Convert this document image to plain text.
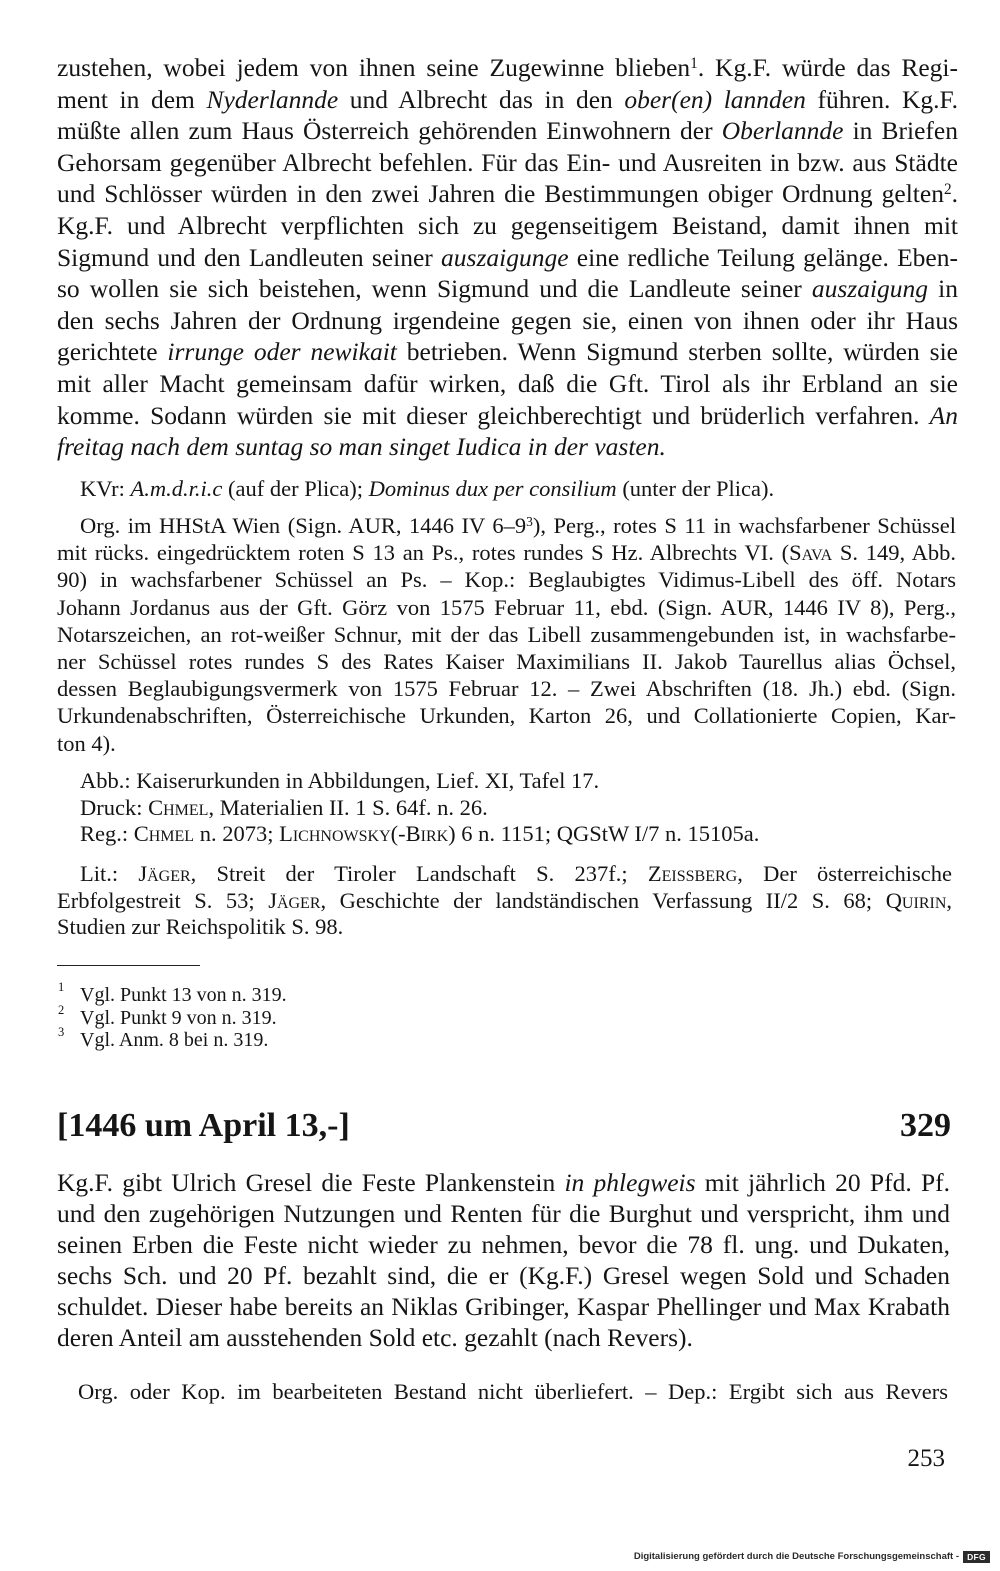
zustehen, wobei jedem von ihnen seine Zugewinne blieben$^1$. Kg.F. würde das Regi-
ment in dem Nyderlannde und Albrecht das in den ober(en) lannden führen. Kg.F.
müßte allen zum Haus Österreich gehörenden Einwohnern der Oberlannde in Briefen
Gehorsam gegenüber Albrecht befehlen. Für das Ein- und Ausreiten in bzw. aus Städte
und Schlösser würden in den zwei Jahren die Bestimmungen obiger Ordnung gelten$^2$.
Kg.F. und Albrecht verpflichten sich zu gegenseitigem Beistand, damit ihnen mit
Sigmund und den Landleuten seiner auszaigunge eine redliche Teilung gelänge. Eben-
so wollen sie sich beistehen, wenn Sigmund und die Landleute seiner auszaigung in
den sechs Jahren der Ordnung irgendeine gegen sie, einen von ihnen oder ihr Haus
gerichtete irrunge oder newikait betrieben. Wenn Sigmund sterben sollte, würden sie
mit aller Macht gemeinsam dafür wirken, daß die Gft. Tirol als ihr Erbland an sie
komme. Sodann würden sie mit dieser gleichberechtigt und brüderlich verfahren. An
freitag nach dem suntag so man singet Iudica in der vasten.
KVr: A.m.d.r.i.c (auf der Plica); Dominus dux per consilium (unter der Plica).
Org. im HHStA Wien (Sign. AUR, 1446 IV $6-9^3$), Perg., rotes S 11 in wachsfarbener Schüssel
mit rücks. eingedrücktem roten S 13 an Ps., rotes rundes S Hz. Albrechts VI. (Sava S. 149, Abb.
90) in wachsfarbener Schüssel an Ps. – Kop.: Beglaubigtes Vidimus-Libell des öff. Notars
Johann Jordanus aus der Gft. Görz von 1575 Februar 11, ebd. (Sign. AUR, 1446 IV 8), Perg.,
Notarszeichen, an rot-weißer Schnur, mit der das Libell zusammengebunden ist, in wachsfarbe-
ner Schüssel rotes rundes S des Rates Kaiser Maximilians II. Jakob Taurellus alias Öchsel,
dessen Beglaubigungsvermerk von 1575 Februar 12. – Zwei Abschriften (18. Jh.) ebd. (Sign.
Urkundenabschriften, Österreichische Urkunden, Karton 26, und Collationierte Copien, Kar-
ton 4).
Abb.: Kaiserurkunden in Abbildungen, Lief. XI, Tafel 17.
Druck: Chmel, Materialien II. 1 S. 64f. n. 26.
Reg.: Chmel n. 2073; Lichnowsky(-Birk) 6 n. 1151; QGStW I/7 n. 15105a.
Lit.: Jäger, Streit der Tiroler Landschaft S. 237f.; Zeissberg, Der österreichische
Erbfolgestreit S. 53; Jäger, Geschichte der landständischen Verfassung II/2 S. 68; Quirin,
Studien zur Reichspolitik S. 98.
1 Vgl. Punkt 13 von n. 319.
2 Vgl. Punkt 9 von n. 319.
3 Vgl. Anm. 8 bei n. 319.
[1446 um April 13,-]	329
Kg.F. gibt Ulrich Gresel die Feste Plankenstein in phlegweis mit jährlich 20 Pfd. Pf.
und den zugehörigen Nutzungen und Renten für die Burghut und verspricht, ihm und
seinen Erben die Feste nicht wieder zu nehmen, bevor die 78 fl. ung. und Dukaten,
sechs Sch. und 20 Pf. bezahlt sind, die er (Kg.F.) Gresel wegen Sold und Schaden
schuldet. Dieser habe bereits an Niklas Gribinger, Kaspar Phellinger und Max Krabath
deren Anteil am ausstehenden Sold etc. gezahlt (nach Revers).
Org. oder Kop. im bearbeiteten Bestand nicht überliefert. – Dep.: Ergibt sich aus Revers
253
Digitalisierung gefördert durch die Deutsche Forschungsgemeinschaft - DFG
